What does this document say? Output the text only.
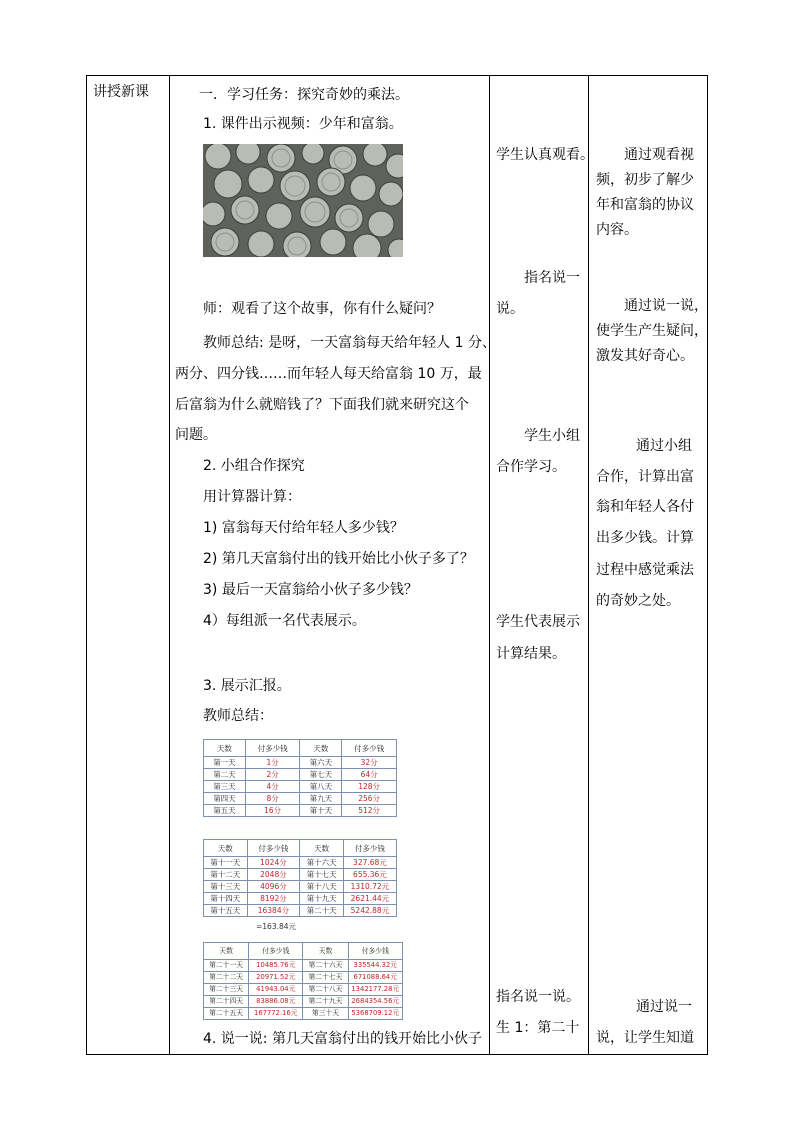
讲授新课	一．学习任务：探究奇妙的乘法。
1. 课件出示视频：少年和富翁。
师：观看了这个故事，你有什么疑问？
教师总结: 是呀，一天富翁每天给年轻人 1 分、
两分、四分钱……而年轻人每天给富翁 10 万，最
后富翁为什么就赔钱了？下面我们就来研究这个
问题。
2. 小组合作探究
用计算器计算：
1) 富翁每天付给年轻人多少钱？
2) 第几天富翁付出的钱开始比小伙子多了？
3) 最后一天富翁给小伙子多少钱？
4）每组派一名代表展示。
3. 展示汇报。
教师总结：
天数	付多少钱	天数	付多少钱
第一天	1分	第六天	32分
第二天	2分	第七天	64分
第三天	4分	第八天	128分
第四天	8分	第九天	256分
第五天	16分	第十天	512分
天数	付多少钱	天数	付多少钱
第十一天	1024分	第十六天	327.68元
第十二天	2048分	第十七天	655.36元
第十三天	4096分	第十八天	1310.72元
第十四天	8192分	第十九天	2621.44元
第十五天	16384分	第二十天	5242.88元
=163.84元
天数	付多少钱	天数	付多少钱
第二十一天	10485.76元	第二十六天	335544.32元
第二十二天	20971.52元	第二十七天	671088.64元
第二十三天	41943.04元	第二十八天	1342177.28元
第二十四天	83886.08元	第二十九天	2684354.56元
第二十五天	167772.16元	第三十天	5368709.12元
4. 说一说: 第几天富翁付出的钱开始比小伙子
学生认真观看。
指名说一
说。
学生小组
合作学习。
学生代表展示
计算结果。
指名说一说。
生 1：第二十
通过观看视
频，初步了解少
年和富翁的协议
内容。
通过说一说，
使学生产生疑问，
激发其好奇心。
通过小组
合作，计算出富
翁和年轻人各付
出多少钱。计算
过程中感觉乘法
的奇妙之处。
通过说一
说，让学生知道
